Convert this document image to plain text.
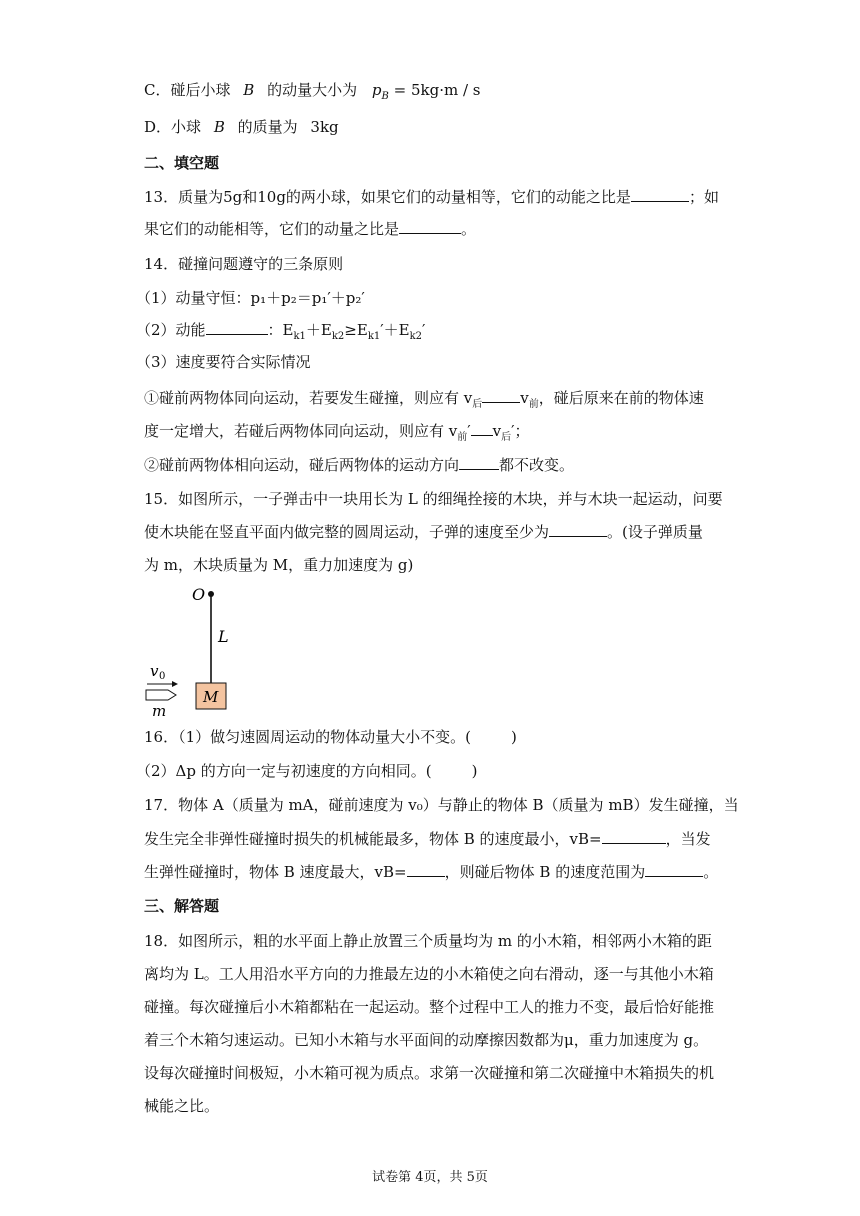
C．碰后小球 B 的动量大小为 $p_B = 5kg\cdot m / s$
D．小球 B 的质量为 3kg
二、填空题
13．质量为5g和10g的两小球，如果它们的动量相等，它们的动能之比是	；如
果它们的动能相等，它们的动量之比是	。
14．碰撞问题遵守的三条原则
（1）动量守恒：p₁＋p₂＝p₁′＋p₂′
（2）动能	：$E_{k1}+E_{k2}\ge E_{k1}'+E_{k2}'$
（3）速度要符合实际情况
①碰前两物体同向运动，若要发生碰撞，则应有 $v_后$	$v_前$，碰后原来在前的物体速
度一定增大，若碰后两物体同向运动，则应有 $v_前'$ $v_后'$；
②碰前两物体相向运动，碰后两物体的运动方向	都不改变。
15．如图所示，一子弹击中一块用长为 L 的细绳拴接的木块，并与木块一起运动，问要
使木块能在竖直平面内做完整的圆周运动，子弹的速度至少为	。(设子弹质量
为 m，木块质量为 M，重力加速度为 g)
O
L
M
v 0
m
16．（1）做匀速圆周运动的物体动量大小不变。(	)
（2）Δp 的方向一定与初速度的方向相同。(	)
17．物体 A（质量为 mA，碰前速度为 v₀）与静止的物体 B（质量为 mB）发生碰撞，当
发生完全非弹性碰撞时损失的机械能最多，物体 B 的速度最小，vB=	，当发
生弹性碰撞时，物体 B 速度最大，vB=	，则碰后物体 B 的速度范围为	。
三、解答题
18．如图所示，粗的水平面上静止放置三个质量均为 m 的小木箱，相邻两小木箱的距
离均为 L。工人用沿水平方向的力推最左边的小木箱使之向右滑动，逐一与其他小木箱
碰撞。每次碰撞后小木箱都粘在一起运动。整个过程中工人的推力不变，最后恰好能推
着三个木箱匀速运动。已知小木箱与水平面间的动摩擦因数都为μ，重力加速度为 g。
设每次碰撞时间极短，小木箱可视为质点。求第一次碰撞和第二次碰撞中木箱损失的机
械能之比。
试卷第 4页，共 5页
